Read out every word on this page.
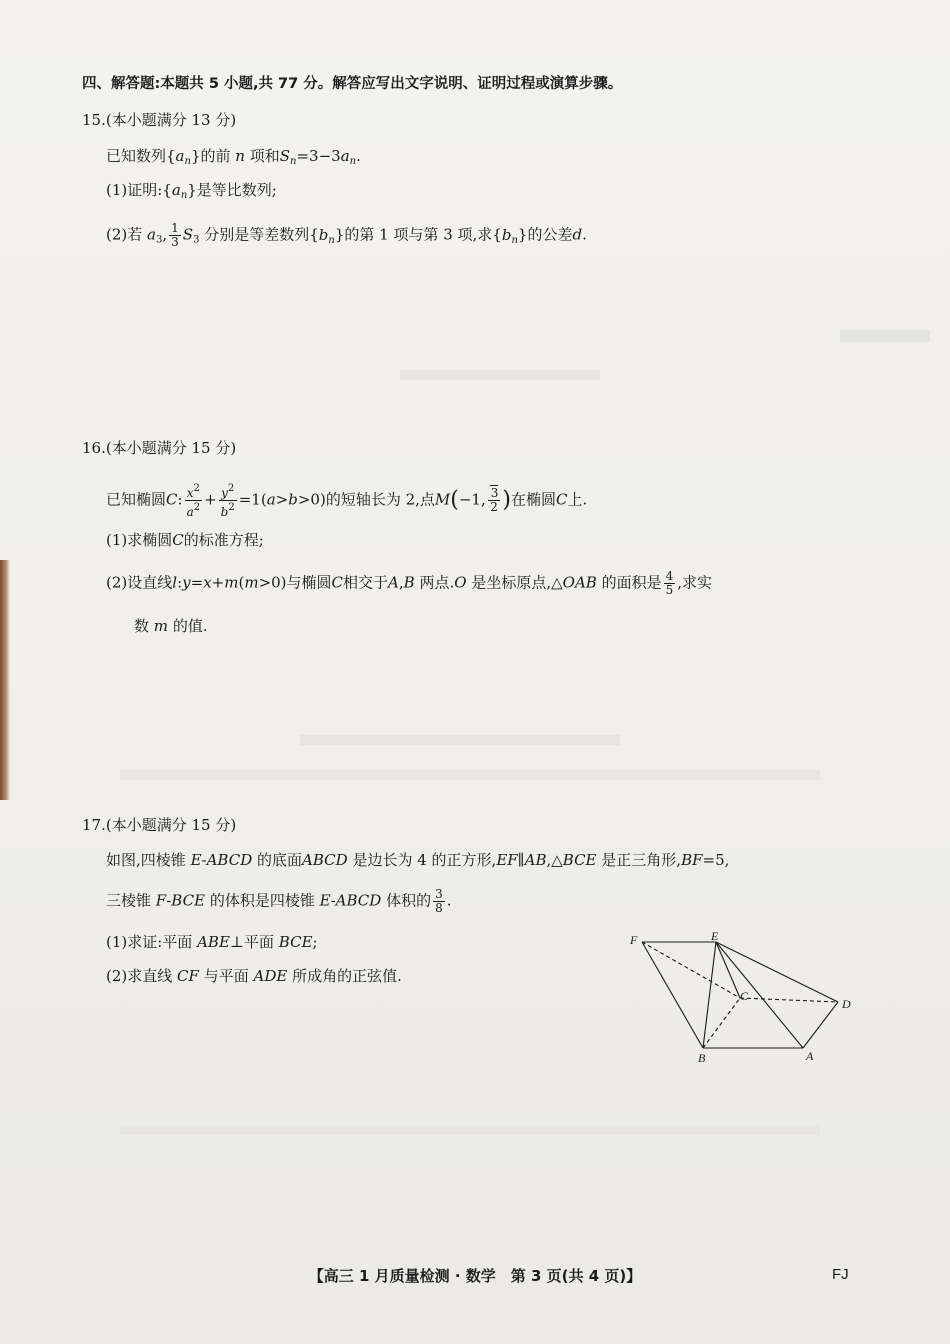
四、解答题:本题共 5 小题,共 77 分。解答应写出文字说明、证明过程或演算步骤。
15.(本小题满分 13 分)
已知数列$\{a_n\}$的前 n 项和$S_n=3-3a_n$.
(1)证明$:\{a_n\}$是等比数列;
(2)若 $a_3$, $\frac{1}{3} S_3$ 分别是等差数列$\{b_n\}$的第 1 项与第 3 项,求$\{b_n\}$的公差d.
16.(本小题满分 15 分)
已知椭圆C: $\frac{x^2}{a^2} + \frac{y^2}{b^2} =1(a>b>0)$的短轴长为 2,点M(−1, $\frac{3}{2}$ )在椭圆C上.
(1)求椭圆C的标准方程;
(2)设直线l:y=x+m(m>0)与椭圆C相交于A,B 两点.O 是坐标原点,△OAB 的面积是 $\frac{4}{5}$ ,求实
数 m 的值.
17.(本小题满分 15 分)
如图,四棱锥 E-ABCD 的底面ABCD 是边长为 4 的正方形,EF∥AB,△BCE 是正三角形,BF=5,
三棱锥 F-BCE 的体积是四棱锥 E-ABCD 体积的 $\frac{3}{8}$ .
(1)求证:平面 ABE⊥平面 BCE;
(2)求直线 CF 与平面 ADE 所成角的正弦值.
F	E
C
D
B	A
【高三 1 月质量检测 · 数学　第 3 页(共 4 页)】	FJ
